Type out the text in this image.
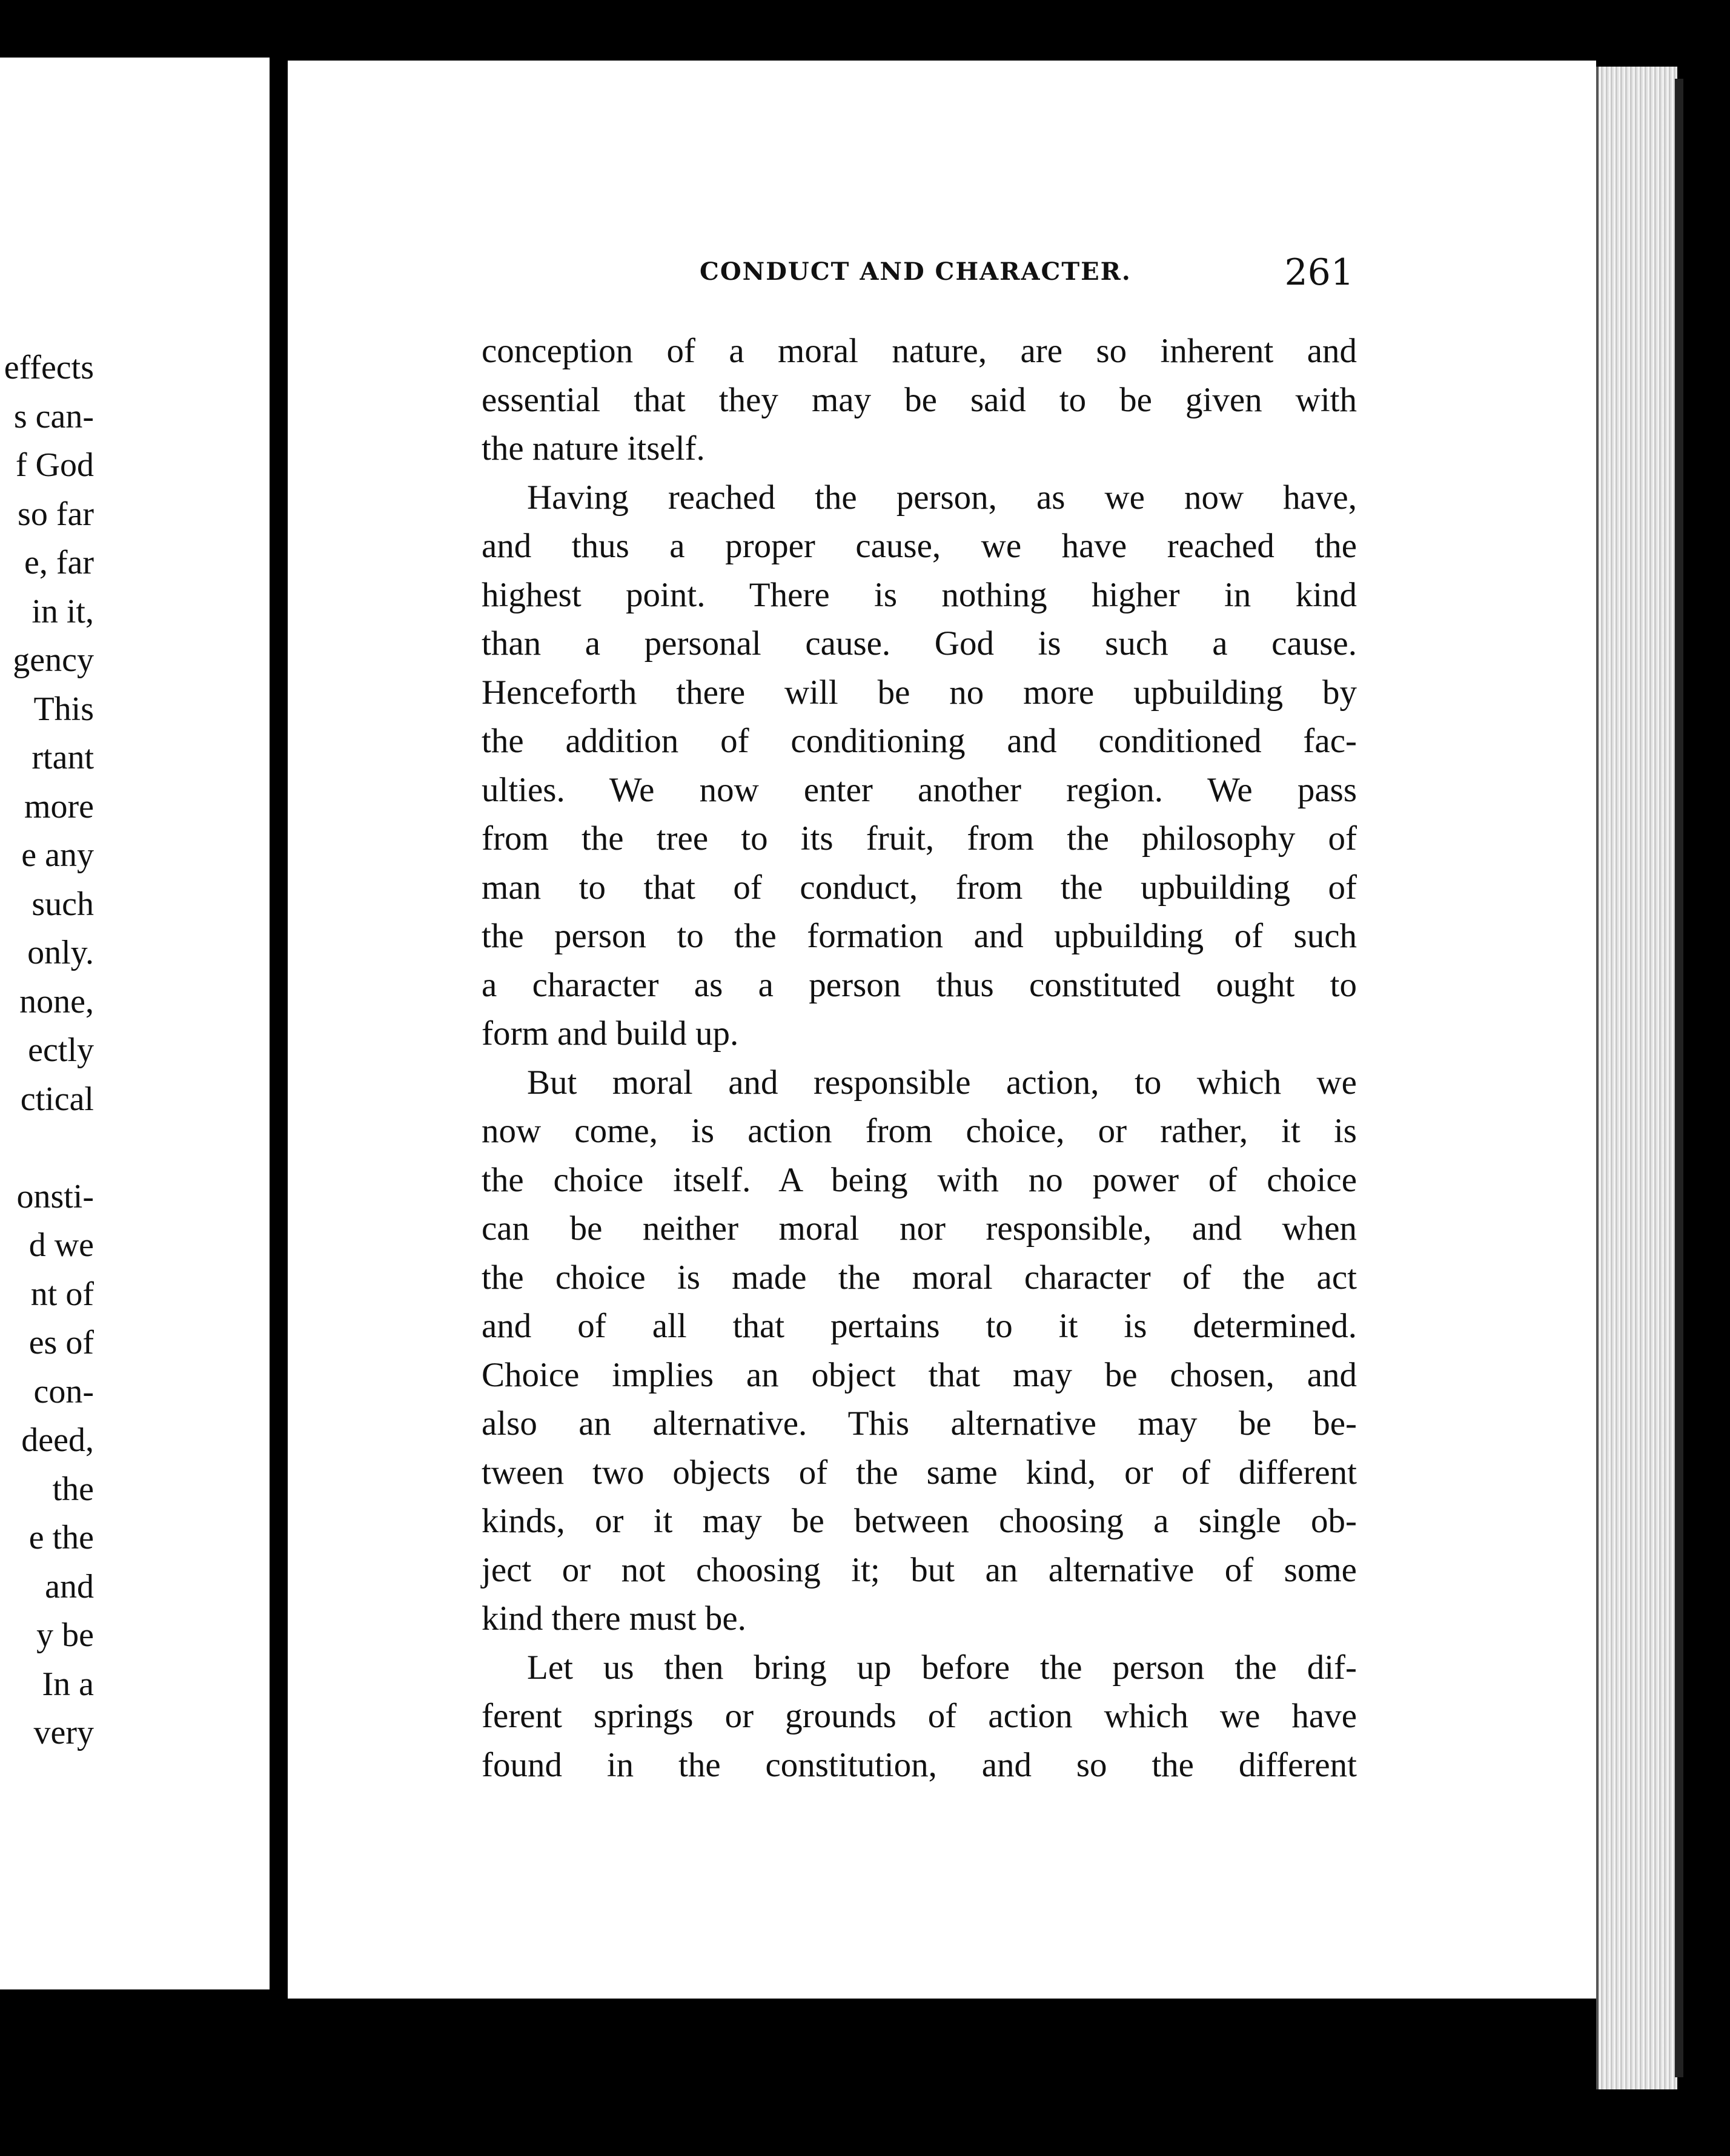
effects
s can-
f God
so far
e, far
in it,
gency
This
rtant
more
e any
such
only.
none,
ectly
ctical
onsti-
d we
nt of
es of
con-
deed,
the
e the
and
y be
In a
very
CONDUCT AND CHARACTER.	261
conception of a moral nature, are so inherent and
essential that they may be said to be given with
the nature itself.
Having reached the person, as we now have,
and thus a proper cause, we have reached the
highest point. There is nothing higher in kind
than a personal cause. God is such a cause.
Henceforth there will be no more upbuilding by
the addition of conditioning and conditioned fac-
ulties. We now enter another region. We pass
from the tree to its fruit, from the philosophy of
man to that of conduct, from the upbuilding of
the person to the formation and upbuilding of such
a character as a person thus constituted ought to
form and build up.
But moral and responsible action, to which we
now come, is action from choice, or rather, it is
the choice itself. A being with no power of choice
can be neither moral nor responsible, and when
the choice is made the moral character of the act
and of all that pertains to it is determined.
Choice implies an object that may be chosen, and
also an alternative. This alternative may be be-
tween two objects of the same kind, or of different
kinds, or it may be between choosing a single ob-
ject or not choosing it; but an alternative of some
kind there must be.
Let us then bring up before the person the dif-
ferent springs or grounds of action which we have
found in the constitution, and so the different
